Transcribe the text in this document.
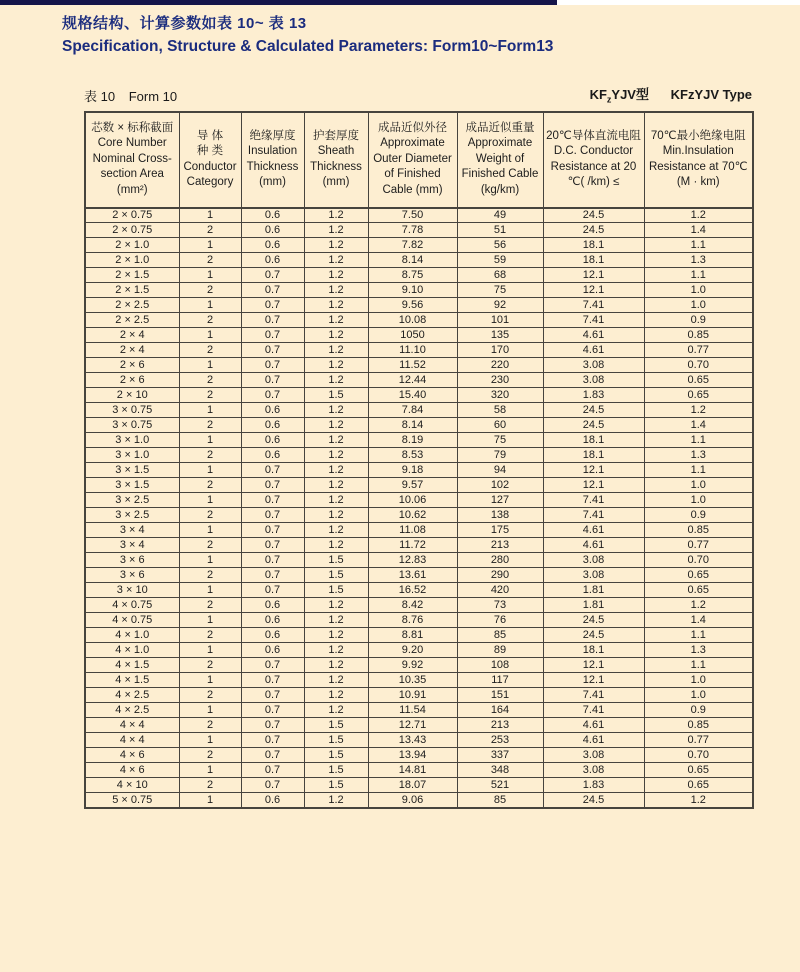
规格结构、计算参数如表 10~ 表 13
Specification, Structure & Calculated Parameters: Form10~Form13
表 10 Form 10	$KF_zYJV$型 KFzYJV Type
芯数 × 标称截面
Core Number
Nominal Cross-
section Area
(mm²)	导 体
种 类
Conductor
Category	绝缘厚度
Insulation
Thickness
(mm)	护套厚度
Sheath
Thickness
(mm)	成品近似外径
Approximate
Outer Diameter
of Finished
Cable (mm)	成品近似重量
Approximate
Weight of
Finished Cable
(kg/km)	20℃导体直流电阻
D.C. Conductor
Resistance at 20
℃( /km) ≤	70℃最小绝缘电阻
Min.Insulation
Resistance at 70℃
(M · km)
2 × 0.75	1	0.6	1.2	7.50	49	24.5	1.2
2 × 0.75	2	0.6	1.2	7.78	51	24.5	1.4
2 × 1.0	1	0.6	1.2	7.82	56	18.1	1.1
2 × 1.0	2	0.6	1.2	8.14	59	18.1	1.3
2 × 1.5	1	0.7	1.2	8.75	68	12.1	1.1
2 × 1.5	2	0.7	1.2	9.10	75	12.1	1.0
2 × 2.5	1	0.7	1.2	9.56	92	7.41	1.0
2 × 2.5	2	0.7	1.2	10.08	101	7.41	0.9
2 × 4	1	0.7	1.2	1050	135	4.61	0.85
2 × 4	2	0.7	1.2	11.10	170	4.61	0.77
2 × 6	1	0.7	1.2	11.52	220	3.08	0.70
2 × 6	2	0.7	1.2	12.44	230	3.08	0.65
2 × 10	2	0.7	1.5	15.40	320	1.83	0.65
3 × 0.75	1	0.6	1.2	7.84	58	24.5	1.2
3 × 0.75	2	0.6	1.2	8.14	60	24.5	1.4
3 × 1.0	1	0.6	1.2	8.19	75	18.1	1.1
3 × 1.0	2	0.6	1.2	8.53	79	18.1	1.3
3 × 1.5	1	0.7	1.2	9.18	94	12.1	1.1
3 × 1.5	2	0.7	1.2	9.57	102	12.1	1.0
3 × 2.5	1	0.7	1.2	10.06	127	7.41	1.0
3 × 2.5	2	0.7	1.2	10.62	138	7.41	0.9
3 × 4	1	0.7	1.2	11.08	175	4.61	0.85
3 × 4	2	0.7	1.2	11.72	213	4.61	0.77
3 × 6	1	0.7	1.5	12.83	280	3.08	0.70
3 × 6	2	0.7	1.5	13.61	290	3.08	0.65
3 × 10	1	0.7	1.5	16.52	420	1.81	0.65
4 × 0.75	2	0.6	1.2	8.42	73	1.81	1.2
4 × 0.75	1	0.6	1.2	8.76	76	24.5	1.4
4 × 1.0	2	0.6	1.2	8.81	85	24.5	1.1
4 × 1.0	1	0.6	1.2	9.20	89	18.1	1.3
4 × 1.5	2	0.7	1.2	9.92	108	12.1	1.1
4 × 1.5	1	0.7	1.2	10.35	117	12.1	1.0
4 × 2.5	2	0.7	1.2	10.91	151	7.41	1.0
4 × 2.5	1	0.7	1.2	11.54	164	7.41	0.9
4 × 4	2	0.7	1.5	12.71	213	4.61	0.85
4 × 4	1	0.7	1.5	13.43	253	4.61	0.77
4 × 6	2	0.7	1.5	13.94	337	3.08	0.70
4 × 6	1	0.7	1.5	14.81	348	3.08	0.65
4 × 10	2	0.7	1.5	18.07	521	1.83	0.65
5 × 0.75	1	0.6	1.2	9.06	85	24.5	1.2
